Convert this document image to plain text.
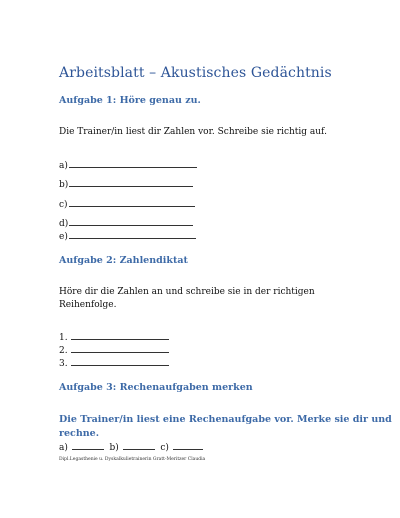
Arbeitsblatt – Akustisches Gedächtnis
Aufgabe 1: Höre genau zu.
Die Trainer/in liest dir Zahlen vor. Schreibe sie richtig auf.
a)
b)
c)
d)
e)
Aufgabe 2: Zahlendiktat
Höre dir die Zahlen an und schreibe sie in der richtigen
Reihenfolge.
1.
2.
3.
Aufgabe 3: Rechenaufgaben merken
Die Trainer/in liest eine Rechenaufgabe vor. Merke sie dir und
rechne.
a)	b)	c)
Dipl.Legasthenie u. Dyskalkulietrainerin Gratt-Meritzer Claudia
